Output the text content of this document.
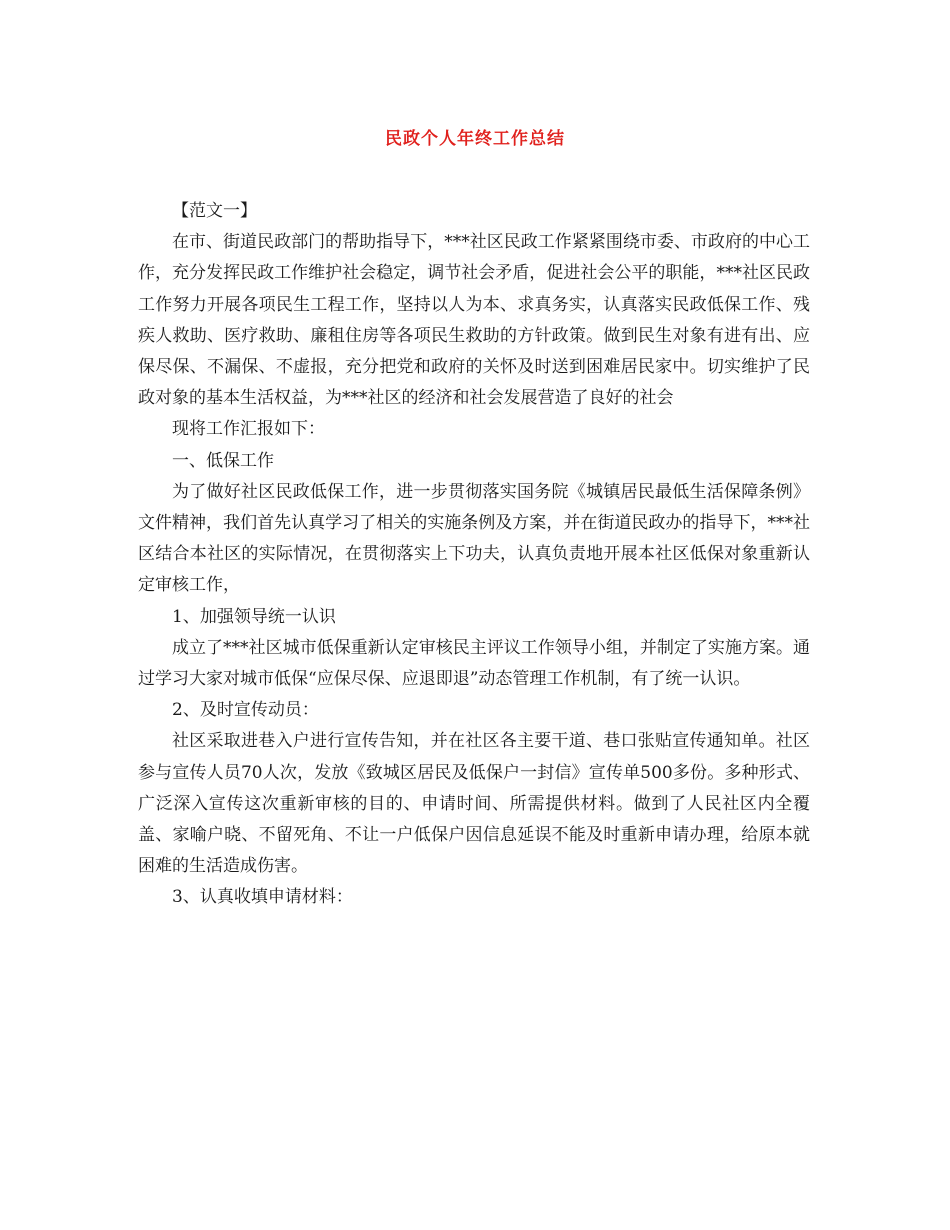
民政个人年终工作总结

【范文一】

在市、街道民政部门的帮助指导下，***社区民政工作紧紧围绕市委、市政府的中心工作，充分发挥民政工作维护社会稳定，调节社会矛盾，促进社会公平的职能，***社区民政工作努力开展各项民生工程工作，坚持以人为本、求真务实，认真落实民政低保工作、残疾人救助、医疗救助、廉租住房等各项民生救助的方针政策。做到民生对象有进有出、应保尽保、不漏保、不虚报，充分把党和政府的关怀及时送到困难居民家中。切实维护了民政对象的基本生活权益，为***社区的经济和社会发展营造了良好的社会

现将工作汇报如下：

一、低保工作

为了做好社区民政低保工作，进一步贯彻落实国务院《城镇居民最低生活保障条例》文件精神，我们首先认真学习了相关的实施条例及方案，并在街道民政办的指导下，***社区结合本社区的实际情况，在贯彻落实上下功夫，认真负责地开展本社区低保对象重新认定审核工作，

1、加强领导统一认识

成立了***社区城市低保重新认定审核民主评议工作领导小组，并制定了实施方案。通过学习大家对城市低保“应保尽保、应退即退”动态管理工作机制，有了统一认识。

2、及时宣传动员：

社区采取进巷入户进行宣传告知，并在社区各主要干道、巷口张贴宣传通知单。社区参与宣传人员70人次，发放《致城区居民及低保户一封信》宣传单500多份。多种形式、广泛深入宣传这次重新审核的目的、申请时间、所需提供材料。做到了人民社区内全覆盖、家喻户晓、不留死角、不让一户低保户因信息延误不能及时重新申请办理，给原本就困难的生活造成伤害。

3、认真收填申请材料：
